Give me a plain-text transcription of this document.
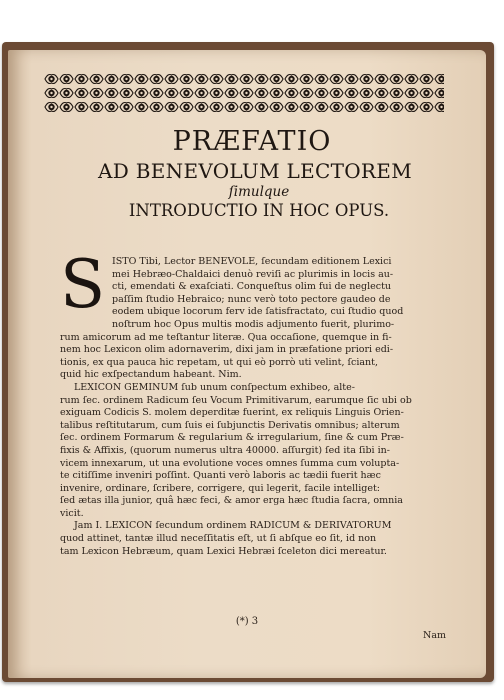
PRÆFATIO
AD BENEVOLUM LECTOREM
ſimulque
INTRODUCTIO IN HOC OPUS.
S ISTO Tibi, Lector BENEVOLE, ſecundam editionem Lexici
mei Hebræo-Chaldaici denuò reviſi ac plurimis in locis au-
cti, emendati & exaſciati. Conqueſtus olim fui de neglectu
paſſim ſtudio Hebraico; nunc verò toto pectore gaudeo de
eodem ubique locorum ferv ide ſatisfractato, cui ſtudio quod
noſtrum hoc Opus multis modis adjumento fuerit, plurimo-
rum amicorum ad me teſtantur literæ. Qua occaſione, quemque in fi-
nem hoc Lexicon olim adornaverim, dixi jam in præfatione priori edi-
tionis, ex qua pauca hic repetam, ut qui eò porrò uti velint, ſciant,
quid hic exſpectandum habeant. Nim.
LEXICON GEMINUM ſub unum conſpectum exhibeo, alte-
rum ſec. ordinem Radicum ſeu Vocum Primitivarum, earumque ſic ubi ob
exiguam Codicis S. molem deperditæ fuerint, ex reliquis Linguis Orien-
talibus reſtitutarum, cum ſuis ei ſubjunctis Derivatis omnibus; alterum
ſec. ordinem Formarum & regularium & irregularium, ſine & cum Præ-
fixis & Affixis, (quorum numerus ultra 40000. aſſurgit) ſed ita ſibi in-
vicem innexarum, ut una evolutione voces omnes ſumma cum volupta-
te citiſſime inveniri poſſint. Quanti verò laboris ac tædii fuerit hæc
invenire, ordinare, ſcribere, corrigere, qui legerit, facile intelliget:
ſed ætas illa junior, quâ hæc feci, & amor erga hæc ſtudia ſacra, omnia
vicit.
Jam I. LEXICON ſecundum ordinem RADICUM & DERIVATORUM
quod attinet, tantæ illud neceſſitatis eſt, ut ſi abſque eo ſit, id non
tam Lexicon Hebræum, quam Lexici Hebræi ſceleton dici mereatur.
(*) 3
Nam
